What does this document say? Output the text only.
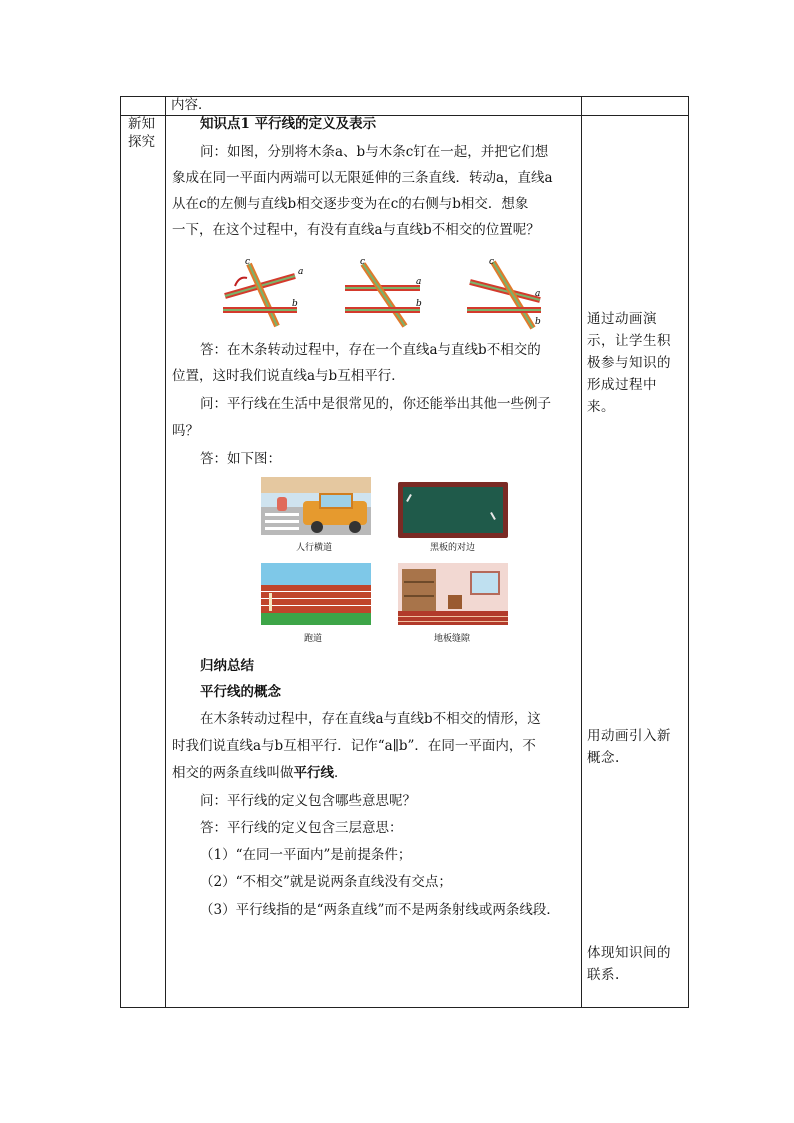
内容．
新知
探究
知识点1 平行线的定义及表示
问：如图，分别将木条a、b与木条c钉在一起，并把它们想
象成在同一平面内两端可以无限延伸的三条直线．转动a，直线a
从在c的左侧与直线b相交逐步变为在c的右侧与b相交．想象
一下，在这个过程中，有没有直线a与直线b不相交的位置呢？
c
a
b
c
a
b
c
a
b
答：在木条转动过程中，存在一个直线a与直线b不相交的
位置，这时我们说直线a与b互相平行．
问：平行线在生活中是很常见的，你还能举出其他一些例子
吗？
答：如下图：
人行横道	黑板的对边
跑道	地板缝隙
归纳总结
平行线的概念
在木条转动过程中，存在直线a与直线b不相交的情形，这
时我们说直线a与b互相平行．记作“a∥b”．在同一平面内，不
相交的两条直线叫做平行线．
问：平行线的定义包含哪些意思呢？
答：平行线的定义包含三层意思：
（1）“在同一平面内”是前提条件；
（2）“不相交”就是说两条直线没有交点；
（3）平行线指的是“两条直线”而不是两条射线或两条线段．
通过动画演
示，让学生积
极参与知识的
形成过程中
来。
用动画引入新
概念.
体现知识间的
联系.
